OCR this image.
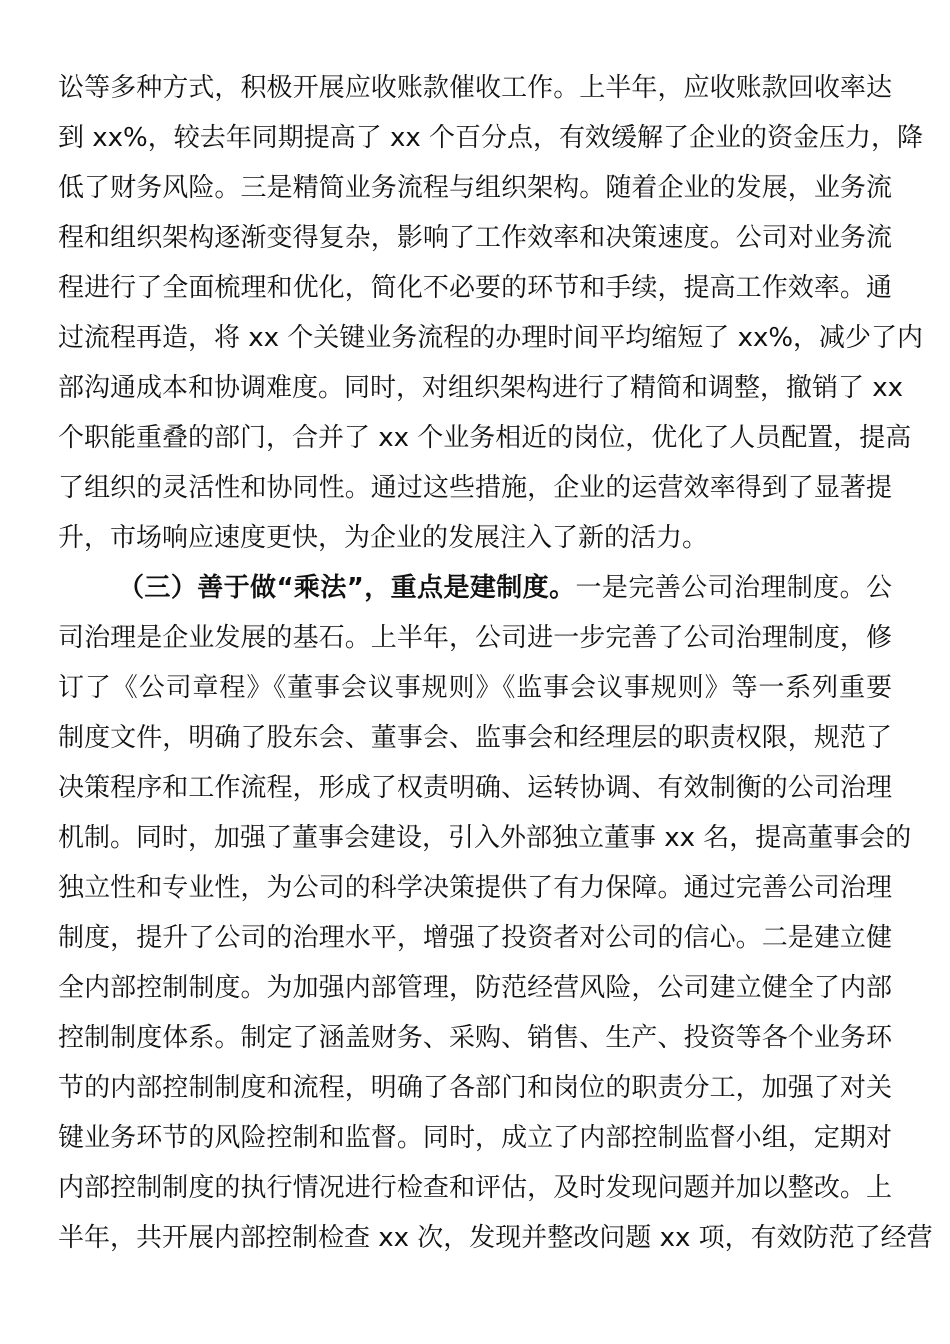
讼等多种方式，积极开展应收账款催收工作。上半年，应收账款回收率达
到 xx%，较去年同期提高了 xx 个百分点，有效缓解了企业的资金压力，降
低了财务风险。三是精简业务流程与组织架构。随着企业的发展，业务流
程和组织架构逐渐变得复杂，影响了工作效率和决策速度。公司对业务流
程进行了全面梳理和优化，简化不必要的环节和手续，提高工作效率。通
过流程再造，将 xx 个关键业务流程的办理时间平均缩短了 xx%，减少了内
部沟通成本和协调难度。同时，对组织架构进行了精简和调整，撤销了 xx
个职能重叠的部门，合并了 xx 个业务相近的岗位，优化了人员配置，提高
了组织的灵活性和协同性。通过这些措施，企业的运营效率得到了显著提
升，市场响应速度更快，为企业的发展注入了新的活力。
（三）善于做“乘法”，重点是建制度。一是完善公司治理制度。公
司治理是企业发展的基石。上半年，公司进一步完善了公司治理制度，修
订了《公司章程》《董事会议事规则》《监事会议事规则》等一系列重要
制度文件，明确了股东会、董事会、监事会和经理层的职责权限，规范了
决策程序和工作流程，形成了权责明确、运转协调、有效制衡的公司治理
机制。同时，加强了董事会建设，引入外部独立董事 xx 名，提高董事会的
独立性和专业性，为公司的科学决策提供了有力保障。通过完善公司治理
制度，提升了公司的治理水平，增强了投资者对公司的信心。二是建立健
全内部控制制度。为加强内部管理，防范经营风险，公司建立健全了内部
控制制度体系。制定了涵盖财务、采购、销售、生产、投资等各个业务环
节的内部控制制度和流程，明确了各部门和岗位的职责分工，加强了对关
键业务环节的风险控制和监督。同时，成立了内部控制监督小组，定期对
内部控制制度的执行情况进行检查和评估，及时发现问题并加以整改。上
半年，共开展内部控制检查 xx 次，发现并整改问题 xx 项，有效防范了经营
